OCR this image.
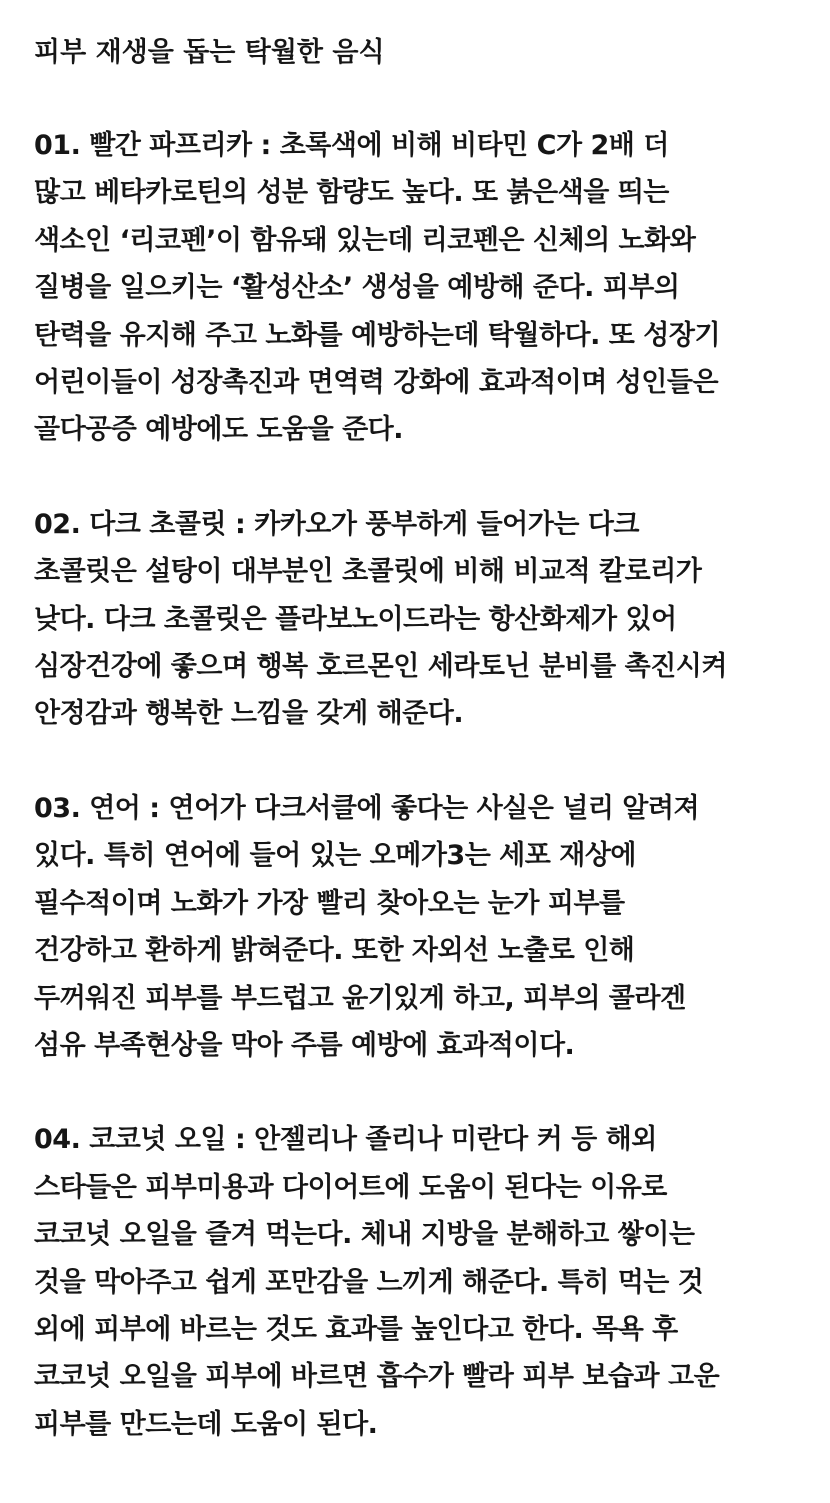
피부 재생을 돕는 탁월한 음식
01. 빨간 파프리카 : 초록색에 비해 비타민 C가 2배 더
많고 베타카로틴의 성분 함량도 높다. 또 붉은색을 띄는
색소인 ‘리코펜’이 함유돼 있는데 리코펜은 신체의 노화와
질병을 일으키는 ‘활성산소’ 생성을 예방해 준다. 피부의
탄력을 유지해 주고 노화를 예방하는데 탁월하다. 또 성장기
어린이들이 성장촉진과 면역력 강화에 효과적이며 성인들은
골다공증 예방에도 도움을 준다.
02. 다크 초콜릿 : 카카오가 풍부하게 들어가는 다크
초콜릿은 설탕이 대부분인 초콜릿에 비해 비교적 칼로리가
낮다. 다크 초콜릿은 플라보노이드라는 항산화제가 있어
심장건강에 좋으며 행복 호르몬인 세라토닌 분비를 촉진시켜
안정감과 행복한 느낌을 갖게 해준다.
03. 연어 : 연어가 다크서클에 좋다는 사실은 널리 알려져
있다. 특히 연어에 들어 있는 오메가3는 세포 재상에
필수적이며 노화가 가장 빨리 찾아오는 눈가 피부를
건강하고 환하게 밝혀준다. 또한 자외선 노출로 인해
두꺼워진 피부를 부드럽고 윤기있게 하고, 피부의 콜라겐
섬유 부족현상을 막아 주름 예방에 효과적이다.
04. 코코넛 오일 : 안젤리나 졸리나 미란다 커 등 해외
스타들은 피부미용과 다이어트에 도움이 된다는 이유로
코코넛 오일을 즐겨 먹는다. 체내 지방을 분해하고 쌓이는
것을 막아주고 쉽게 포만감을 느끼게 해준다. 특히 먹는 것
외에 피부에 바르는 것도 효과를 높인다고 한다. 목욕 후
코코넛 오일을 피부에 바르면 흡수가 빨라 피부 보습과 고운
피부를 만드는데 도움이 된다.
